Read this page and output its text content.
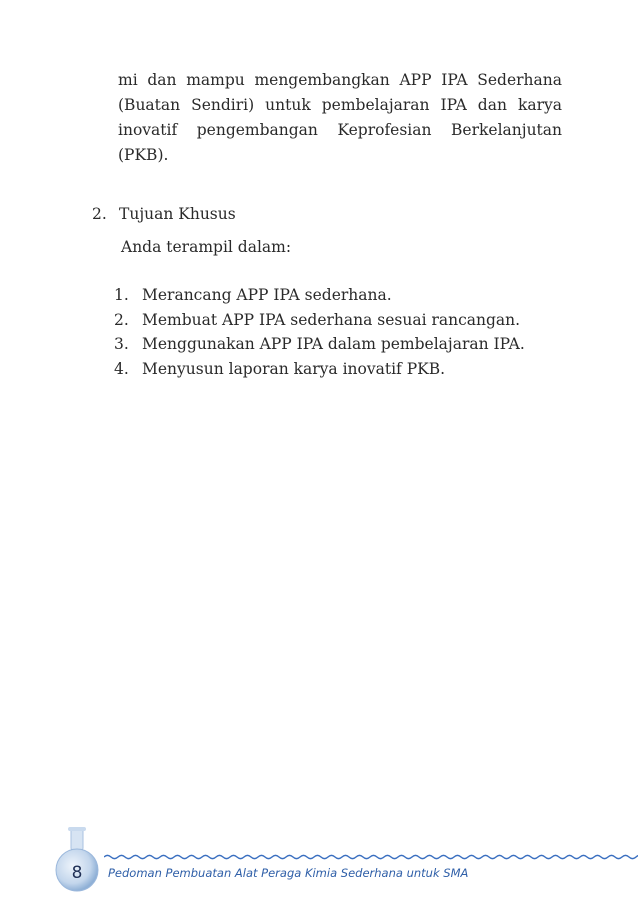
mi dan mampu mengembangkan APP IPA Sederhana (Buatan Sendiri) untuk pembelajaran IPA dan karya inovatif pengembangan Keprofesian Berkelanjutan (PKB).

2. Tujuan Khusus

Anda terampil dalam:

1. Merancang APP IPA sederhana.
2. Membuat APP IPA sederhana sesuai rancangan.
3. Menggunakan APP IPA dalam pembelajaran IPA.
4. Menyusun laporan karya inovatif PKB.
8	Pedoman Pembuatan Alat Peraga Kimia Sederhana untuk SMA
